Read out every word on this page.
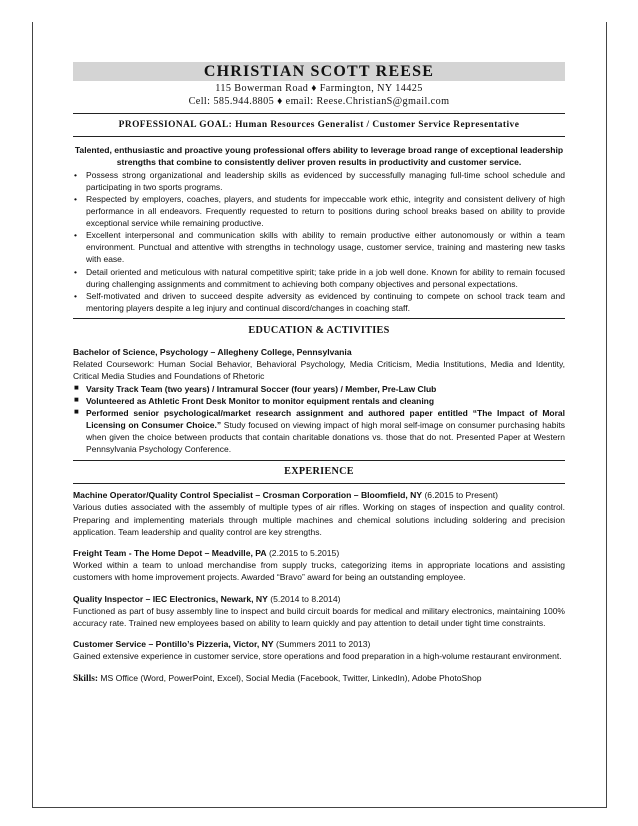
CHRISTIAN SCOTT REESE
115 Bowerman Road ♦ Farmington, NY 14425
Cell: 585.944.8805 ♦ email: Reese.ChristianS@gmail.com
PROFESSIONAL GOAL: Human Resources Generalist / Customer Service Representative
Talented, enthusiastic and proactive young professional offers ability to leverage broad range of exceptional leadership strengths that combine to consistently deliver proven results in productivity and customer service.
• Possess strong organizational and leadership skills as evidenced by successfully managing full-time school schedule and participating in two sports programs.
• Respected by employers, coaches, players, and students for impeccable work ethic, integrity and consistent delivery of high performance in all endeavors. Frequently requested to return to positions during school breaks based on ability to provide exceptional service while remaining productive.
• Excellent interpersonal and communication skills with ability to remain productive either autonomously or within a team environment. Punctual and attentive with strengths in technology usage, customer service, training and mastering new tasks with ease.
• Detail oriented and meticulous with natural competitive spirit; take pride in a job well done. Known for ability to remain focused during challenging assignments and commitment to achieving both company objectives and personal expectations.
• Self-motivated and driven to succeed despite adversity as evidenced by continuing to compete on school track team and mentoring players despite a leg injury and continual discord/changes in coaching staff.
EDUCATION & ACTIVITIES
Bachelor of Science, Psychology – Allegheny College, Pennsylvania
Related Coursework: Human Social Behavior, Behavioral Psychology, Media Criticism, Media Institutions, Media and Identity, Critical Media Studies and Foundations of Rhetoric
■ Varsity Track Team (two years) / Intramural Soccer (four years) / Member, Pre-Law Club
■ Volunteered as Athletic Front Desk Monitor to monitor equipment rentals and cleaning
■ Performed senior psychological/market research assignment and authored paper entitled “The Impact of Moral Licensing on Consumer Choice.” Study focused on viewing impact of high moral self-image on consumer purchasing habits when given the choice between products that contain charitable donations vs. those that do not. Presented Paper at Western Pennsylvania Psychology Conference.
EXPERIENCE
Machine Operator/Quality Control Specialist – Crosman Corporation – Bloomfield, NY (6.2015 to Present)
Various duties associated with the assembly of multiple types of air rifles. Working on stages of inspection and quality control. Preparing and implementing materials through multiple machines and chemical solutions including soldering and precision application. Team leadership and quality control are key strengths.
Freight Team - The Home Depot – Meadville, PA (2.2015 to 5.2015)
Worked within a team to unload merchandise from supply trucks, categorizing items in appropriate locations and assisting customers with home improvement projects. Awarded “Bravo” award for being an outstanding employee.
Quality Inspector – IEC Electronics, Newark, NY (5.2014 to 8.2014)
Functioned as part of busy assembly line to inspect and build circuit boards for medical and military electronics, maintaining 100% accuracy rate. Trained new employees based on ability to learn quickly and pay attention to detail under tight time constraints.
Customer Service – Pontillo’s Pizzeria, Victor, NY (Summers 2011 to 2013)
Gained extensive experience in customer service, store operations and food preparation in a high-volume restaurant environment.
Skills: MS Office (Word, PowerPoint, Excel), Social Media (Facebook, Twitter, LinkedIn), Adobe PhotoShop
